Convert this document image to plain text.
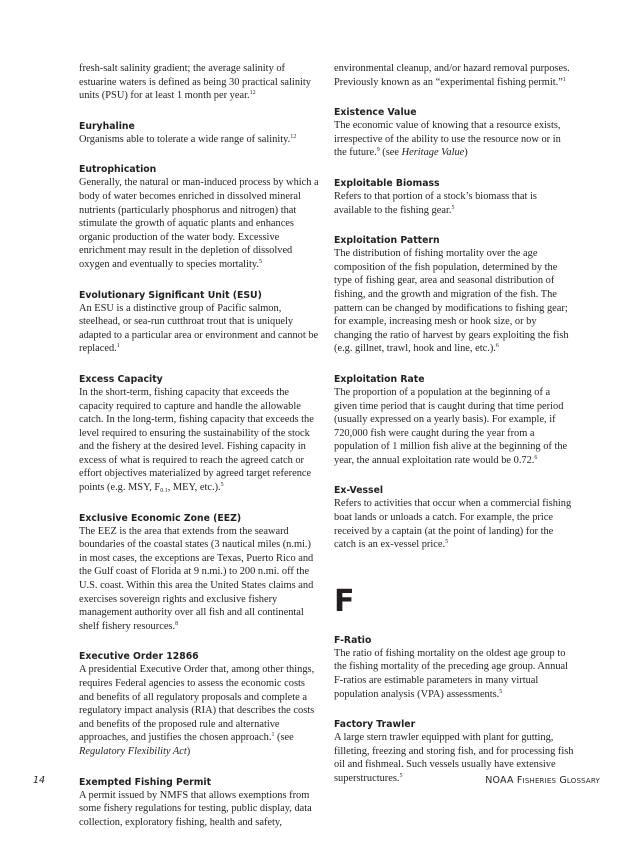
fresh-salt salinity gradient; the average salinity of estuarine waters is defined as being 30 practical salinity units (PSU) for at least 1 month per year.$^{12}$

Euryhaline

Organisms able to tolerate a wide range of salinity.$^{12}$

Eutrophication

Generally, the natural or man-induced process by which a body of water becomes enriched in dissolved mineral nutrients (particularly phosphorus and nitrogen) that stimulate the growth of aquatic plants and enhances organic production of the water body. Excessive enrichment may result in the depletion of dissolved oxygen and eventually to species mortality.$^5$

Evolutionary Significant Unit (ESU)

An ESU is a distinctive group of Pacific salmon, steelhead, or sea-run cutthroat trout that is uniquely adapted to a particular area or environment and cannot be replaced.$^1$

Excess Capacity

In the short-term, fishing capacity that exceeds the capacity required to capture and handle the allowable catch. In the long-term, fishing capacity that exceeds the level required to ensuring the sustainability of the stock and the fishery at the desired level. Fishing capacity in excess of what is required to reach the agreed catch or effort objectives materialized by agreed target reference points (e.g. MSY, $F_{0.1}$, MEY, etc.).$^5$

Exclusive Economic Zone (EEZ)

The EEZ is the area that extends from the seaward boundaries of the coastal states (3 nautical miles (n.mi.) in most cases, the exceptions are Texas, Puerto Rico and the Gulf coast of Florida at 9 n.mi.) to 200 n.mi. off the U.S. coast. Within this area the United States claims and exercises sovereign rights and exclusive fishery management authority over all fish and all continental shelf fishery resources.$^8$

Executive Order 12866

A presidential Executive Order that, among other things, requires Federal agencies to assess the economic costs and benefits of all regulatory proposals and complete a regulatory impact analysis (RIA) that describes the costs and benefits of the proposed rule and alternative approaches, and justifies the chosen approach.$^1$ (see Regulatory Flexibility Act)

Exempted Fishing Permit

A permit issued by NMFS that allows exemptions from some fishery regulations for testing, public display, data collection, exploratory fishing, health and safety,

environmental cleanup, and/or hazard removal purposes. Previously known as an “experimental fishing permit.”$^1$

Existence Value

The economic value of knowing that a resource exists, irrespective of the ability to use the resource now or in the future.$^9$ (see Heritage Value)

Exploitable Biomass

Refers to that portion of a stock’s biomass that is available to the fishing gear.$^5$

Exploitation Pattern

The distribution of fishing mortality over the age composition of the fish population, determined by the type of fishing gear, area and seasonal distribution of fishing, and the growth and migration of the fish. The pattern can be changed by modifications to fishing gear; for example, increasing mesh or hook size, or by changing the ratio of harvest by gears exploiting the fish (e.g. gillnet, trawl, hook and line, etc.).$^6$

Exploitation Rate

The proportion of a population at the beginning of a given time period that is caught during that time period (usually expressed on a yearly basis). For example, if 720,000 fish were caught during the year from a population of 1 million fish alive at the beginning of the year, the annual exploitation rate would be 0.72.$^6$

Ex-Vessel

Refers to activities that occur when a commercial fishing boat lands or unloads a catch. For example, the price received by a captain (at the point of landing) for the catch is an ex-vessel price.$^5$

F

F-Ratio

The ratio of fishing mortality on the oldest age group to the fishing mortality of the preceding age group. Annual F-ratios are estimable parameters in many virtual population analysis (VPA) assessments.$^5$

Factory Trawler

A large stern trawler equipped with plant for gutting, filleting, freezing and storing fish, and for processing fish oil and fishmeal. Such vessels usually have extensive superstructures.$^5$

14	NOAA Fisheries Glossary
